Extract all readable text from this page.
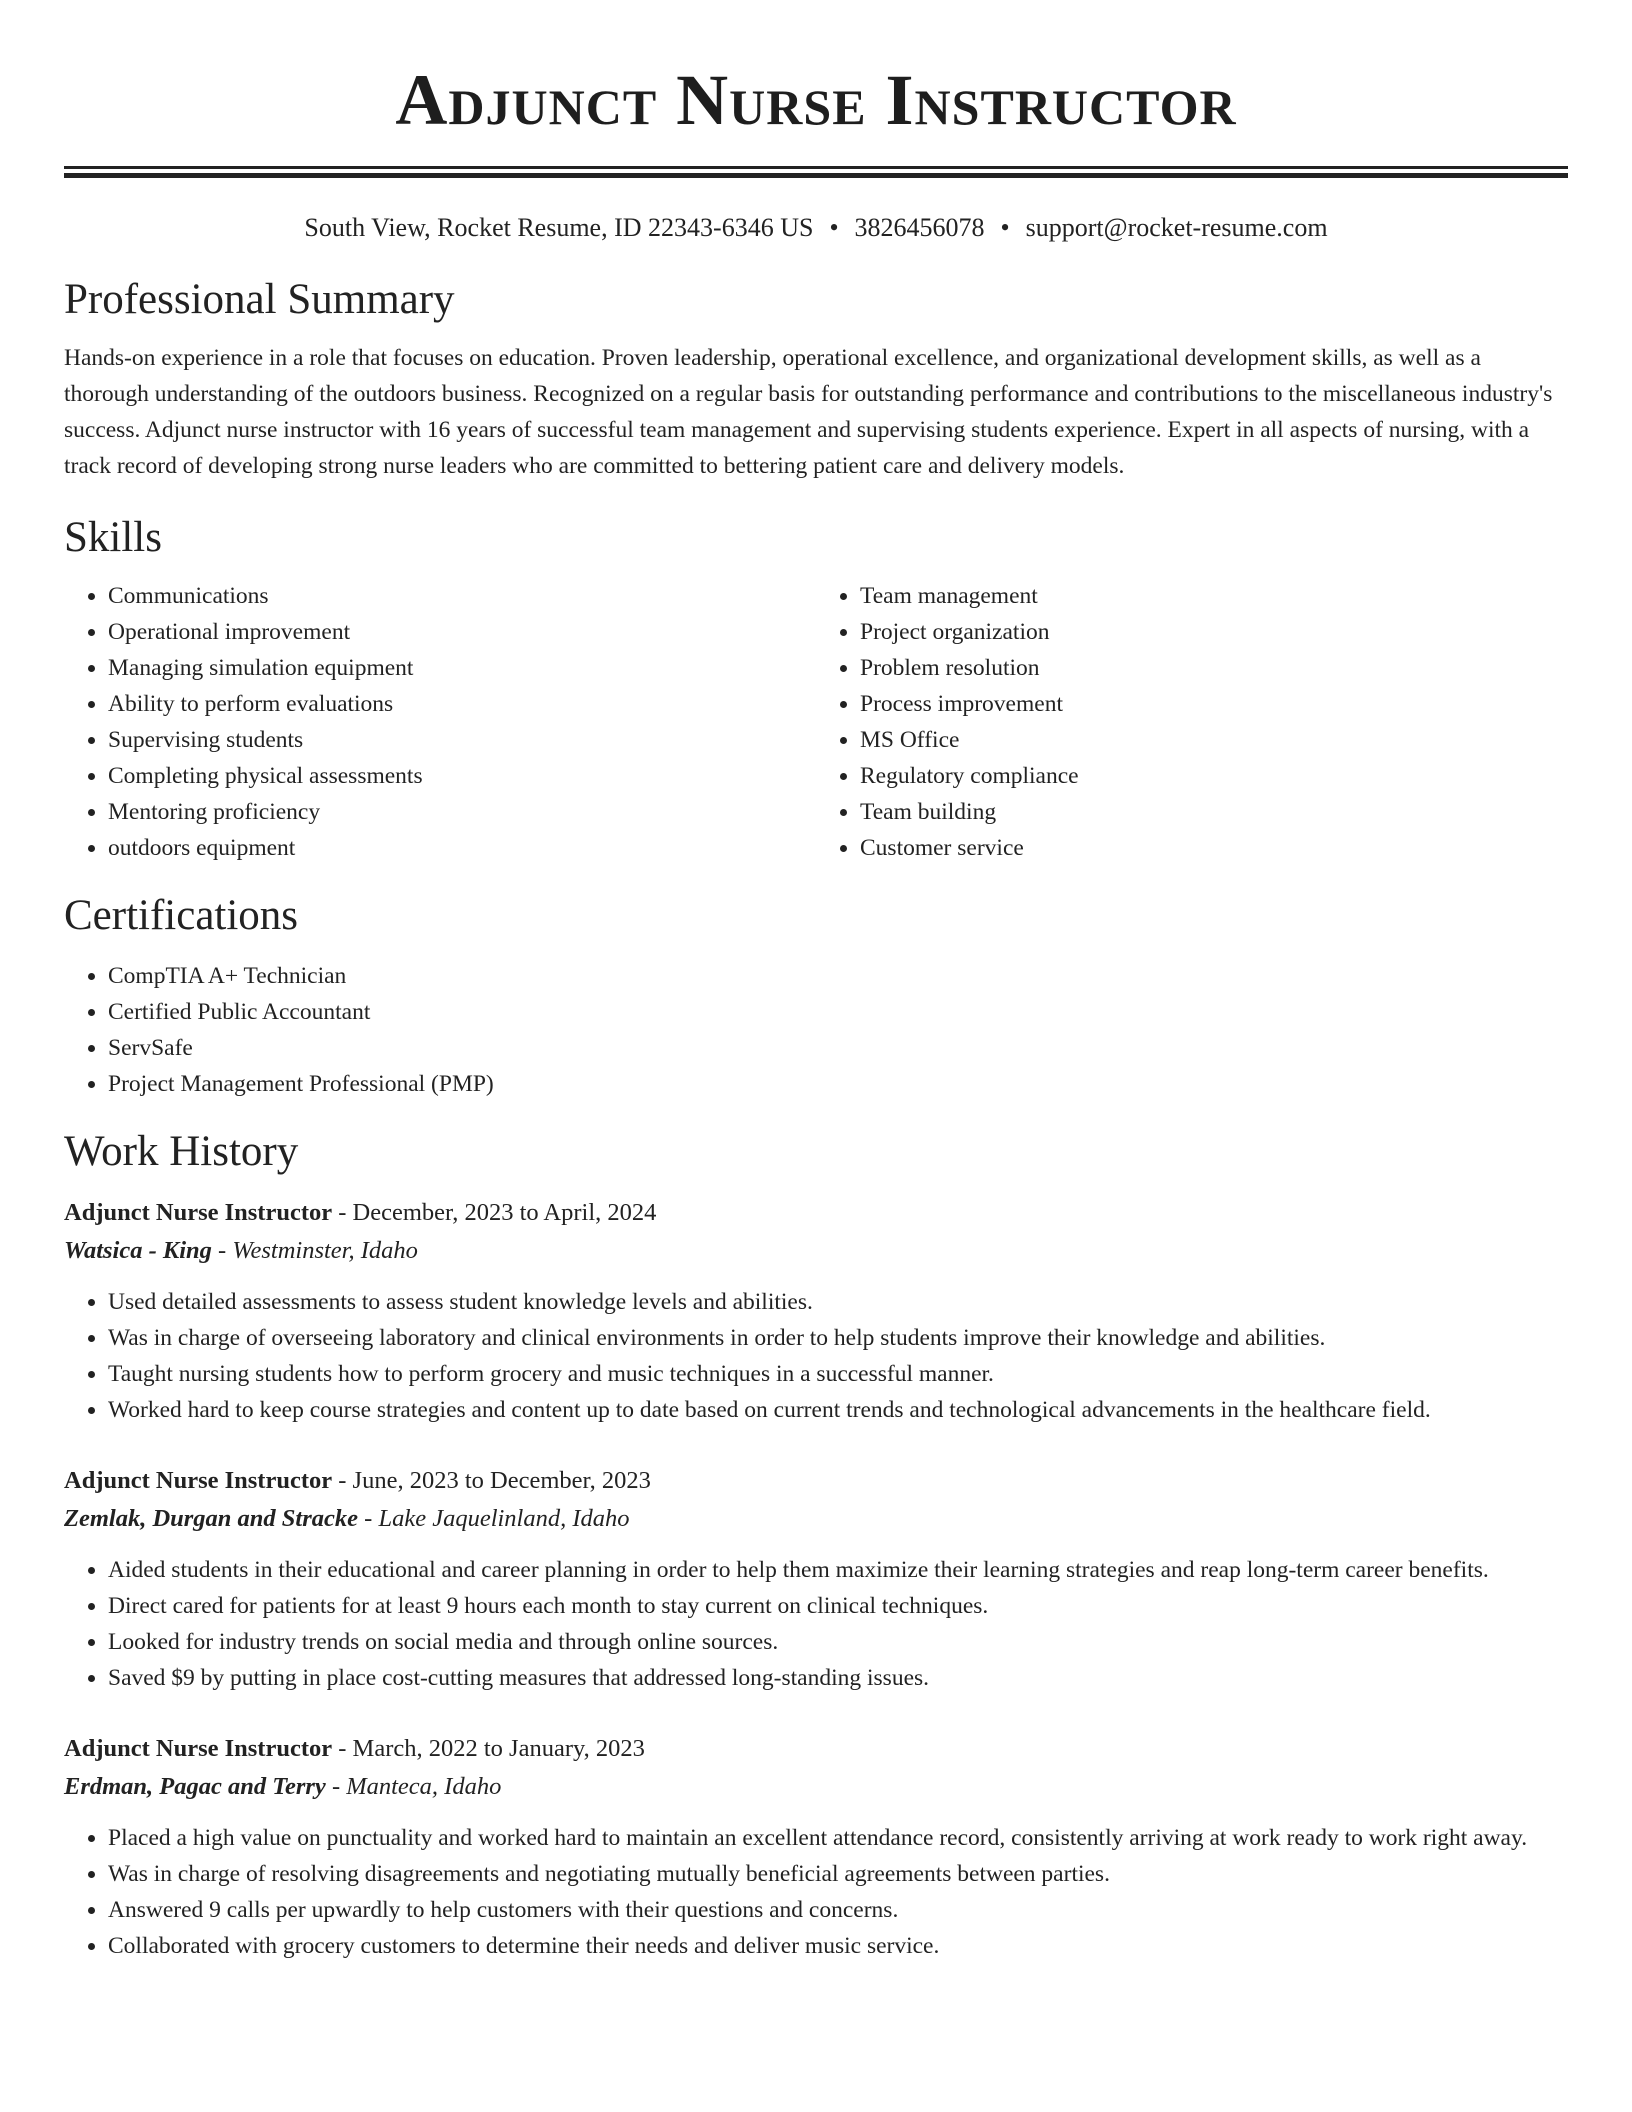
Adjunct Nurse Instructor
South View, Rocket Resume, ID 22343-6346 US • 3826456078 • support@rocket-resume.com
Professional Summary
Hands-on experience in a role that focuses on education. Proven leadership, operational excellence, and organizational development skills, as well as a thorough understanding of the outdoors business. Recognized on a regular basis for outstanding performance and contributions to the miscellaneous industry's success. Adjunct nurse instructor with 16 years of successful team management and supervising students experience. Expert in all aspects of nursing, with a track record of developing strong nurse leaders who are committed to bettering patient care and delivery models.
Skills
• Communications
• Operational improvement
• Managing simulation equipment
• Ability to perform evaluations
• Supervising students
• Completing physical assessments
• Mentoring proficiency
• outdoors equipment
• Team management
• Project organization
• Problem resolution
• Process improvement
• MS Office
• Regulatory compliance
• Team building
• Customer service
Certifications
• CompTIA A+ Technician
• Certified Public Accountant
• ServSafe
• Project Management Professional (PMP)
Work History
Adjunct Nurse Instructor - December, 2023 to April, 2024
Watsica - King - Westminster, Idaho
• Used detailed assessments to assess student knowledge levels and abilities.
• Was in charge of overseeing laboratory and clinical environments in order to help students improve their knowledge and abilities.
• Taught nursing students how to perform grocery and music techniques in a successful manner.
• Worked hard to keep course strategies and content up to date based on current trends and technological advancements in the healthcare field.
Adjunct Nurse Instructor - June, 2023 to December, 2023
Zemlak, Durgan and Stracke - Lake Jaquelinland, Idaho
• Aided students in their educational and career planning in order to help them maximize their learning strategies and reap long-term career benefits.
• Direct cared for patients for at least 9 hours each month to stay current on clinical techniques.
• Looked for industry trends on social media and through online sources.
• Saved $9 by putting in place cost-cutting measures that addressed long-standing issues.
Adjunct Nurse Instructor - March, 2022 to January, 2023
Erdman, Pagac and Terry - Manteca, Idaho
• Placed a high value on punctuality and worked hard to maintain an excellent attendance record, consistently arriving at work ready to work right away.
• Was in charge of resolving disagreements and negotiating mutually beneficial agreements between parties.
• Answered 9 calls per upwardly to help customers with their questions and concerns.
• Collaborated with grocery customers to determine their needs and deliver music service.
